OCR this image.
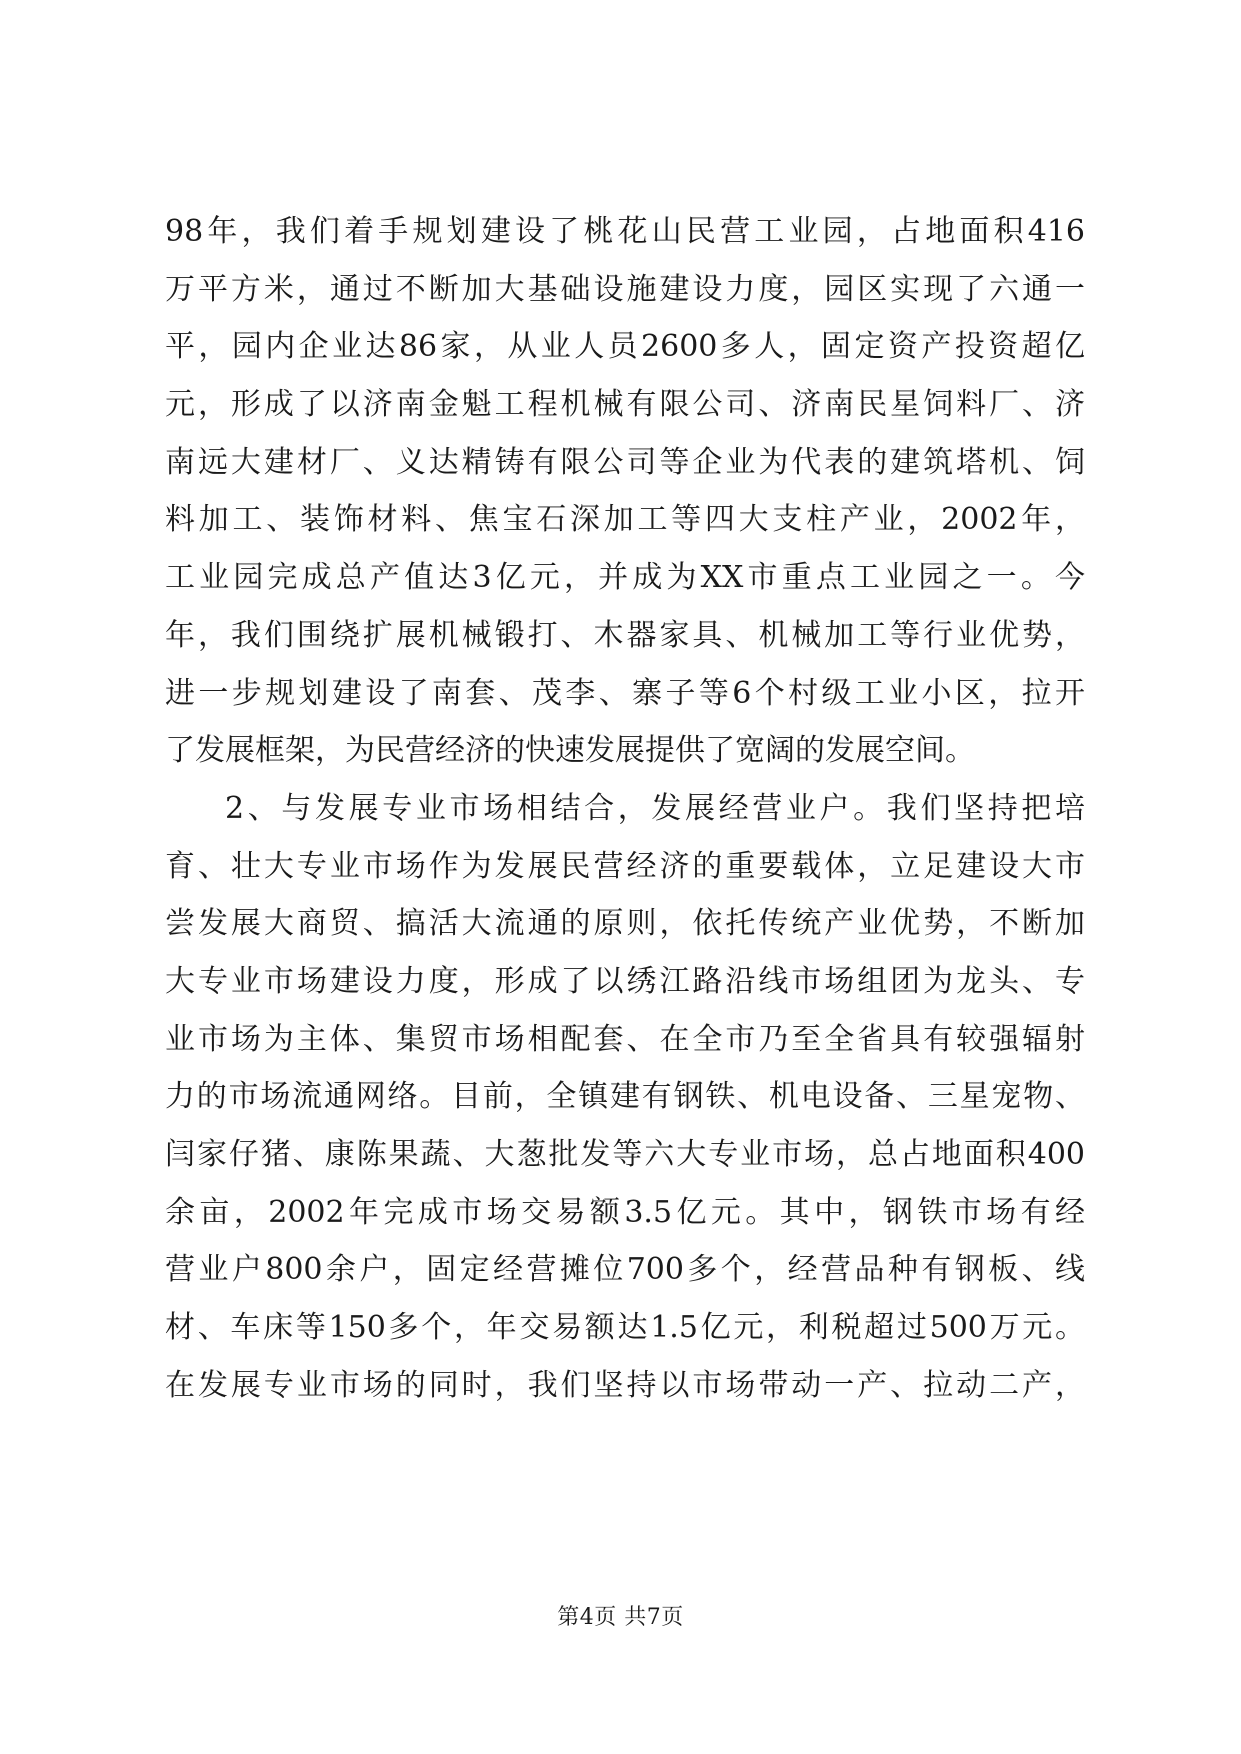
98年，我们着手规划建设了桃花山民营工业园，占地面积416
万平方米，通过不断加大基础设施建设力度，园区实现了六通一
平，园内企业达86家，从业人员2600多人，固定资产投资超亿
元，形成了以济南金魁工程机械有限公司、济南民星饲料厂、济
南远大建材厂、义达精铸有限公司等企业为代表的建筑塔机、饲
料加工、装饰材料、焦宝石深加工等四大支柱产业，2002年，
工业园完成总产值达3亿元，并成为XX市重点工业园之一。今
年，我们围绕扩展机械锻打、木器家具、机械加工等行业优势，
进一步规划建设了南套、茂李、寨子等6个村级工业小区，拉开
了发展框架，为民营经济的快速发展提供了宽阔的发展空间。
2、与发展专业市场相结合，发展经营业户。我们坚持把培
育、壮大专业市场作为发展民营经济的重要载体，立足建设大市
尝发展大商贸、搞活大流通的原则，依托传统产业优势，不断加
大专业市场建设力度，形成了以绣江路沿线市场组团为龙头、专
业市场为主体、集贸市场相配套、在全市乃至全省具有较强辐射
力的市场流通网络。目前，全镇建有钢铁、机电设备、三星宠物、
闫家仔猪、康陈果蔬、大葱批发等六大专业市场，总占地面积400
余亩，2002年完成市场交易额3.5亿元。其中，钢铁市场有经
营业户800余户，固定经营摊位700多个，经营品种有钢板、线
材、车床等150多个，年交易额达1.5亿元，利税超过500万元。
在发展专业市场的同时，我们坚持以市场带动一产、拉动二产，
第4页 共7页
